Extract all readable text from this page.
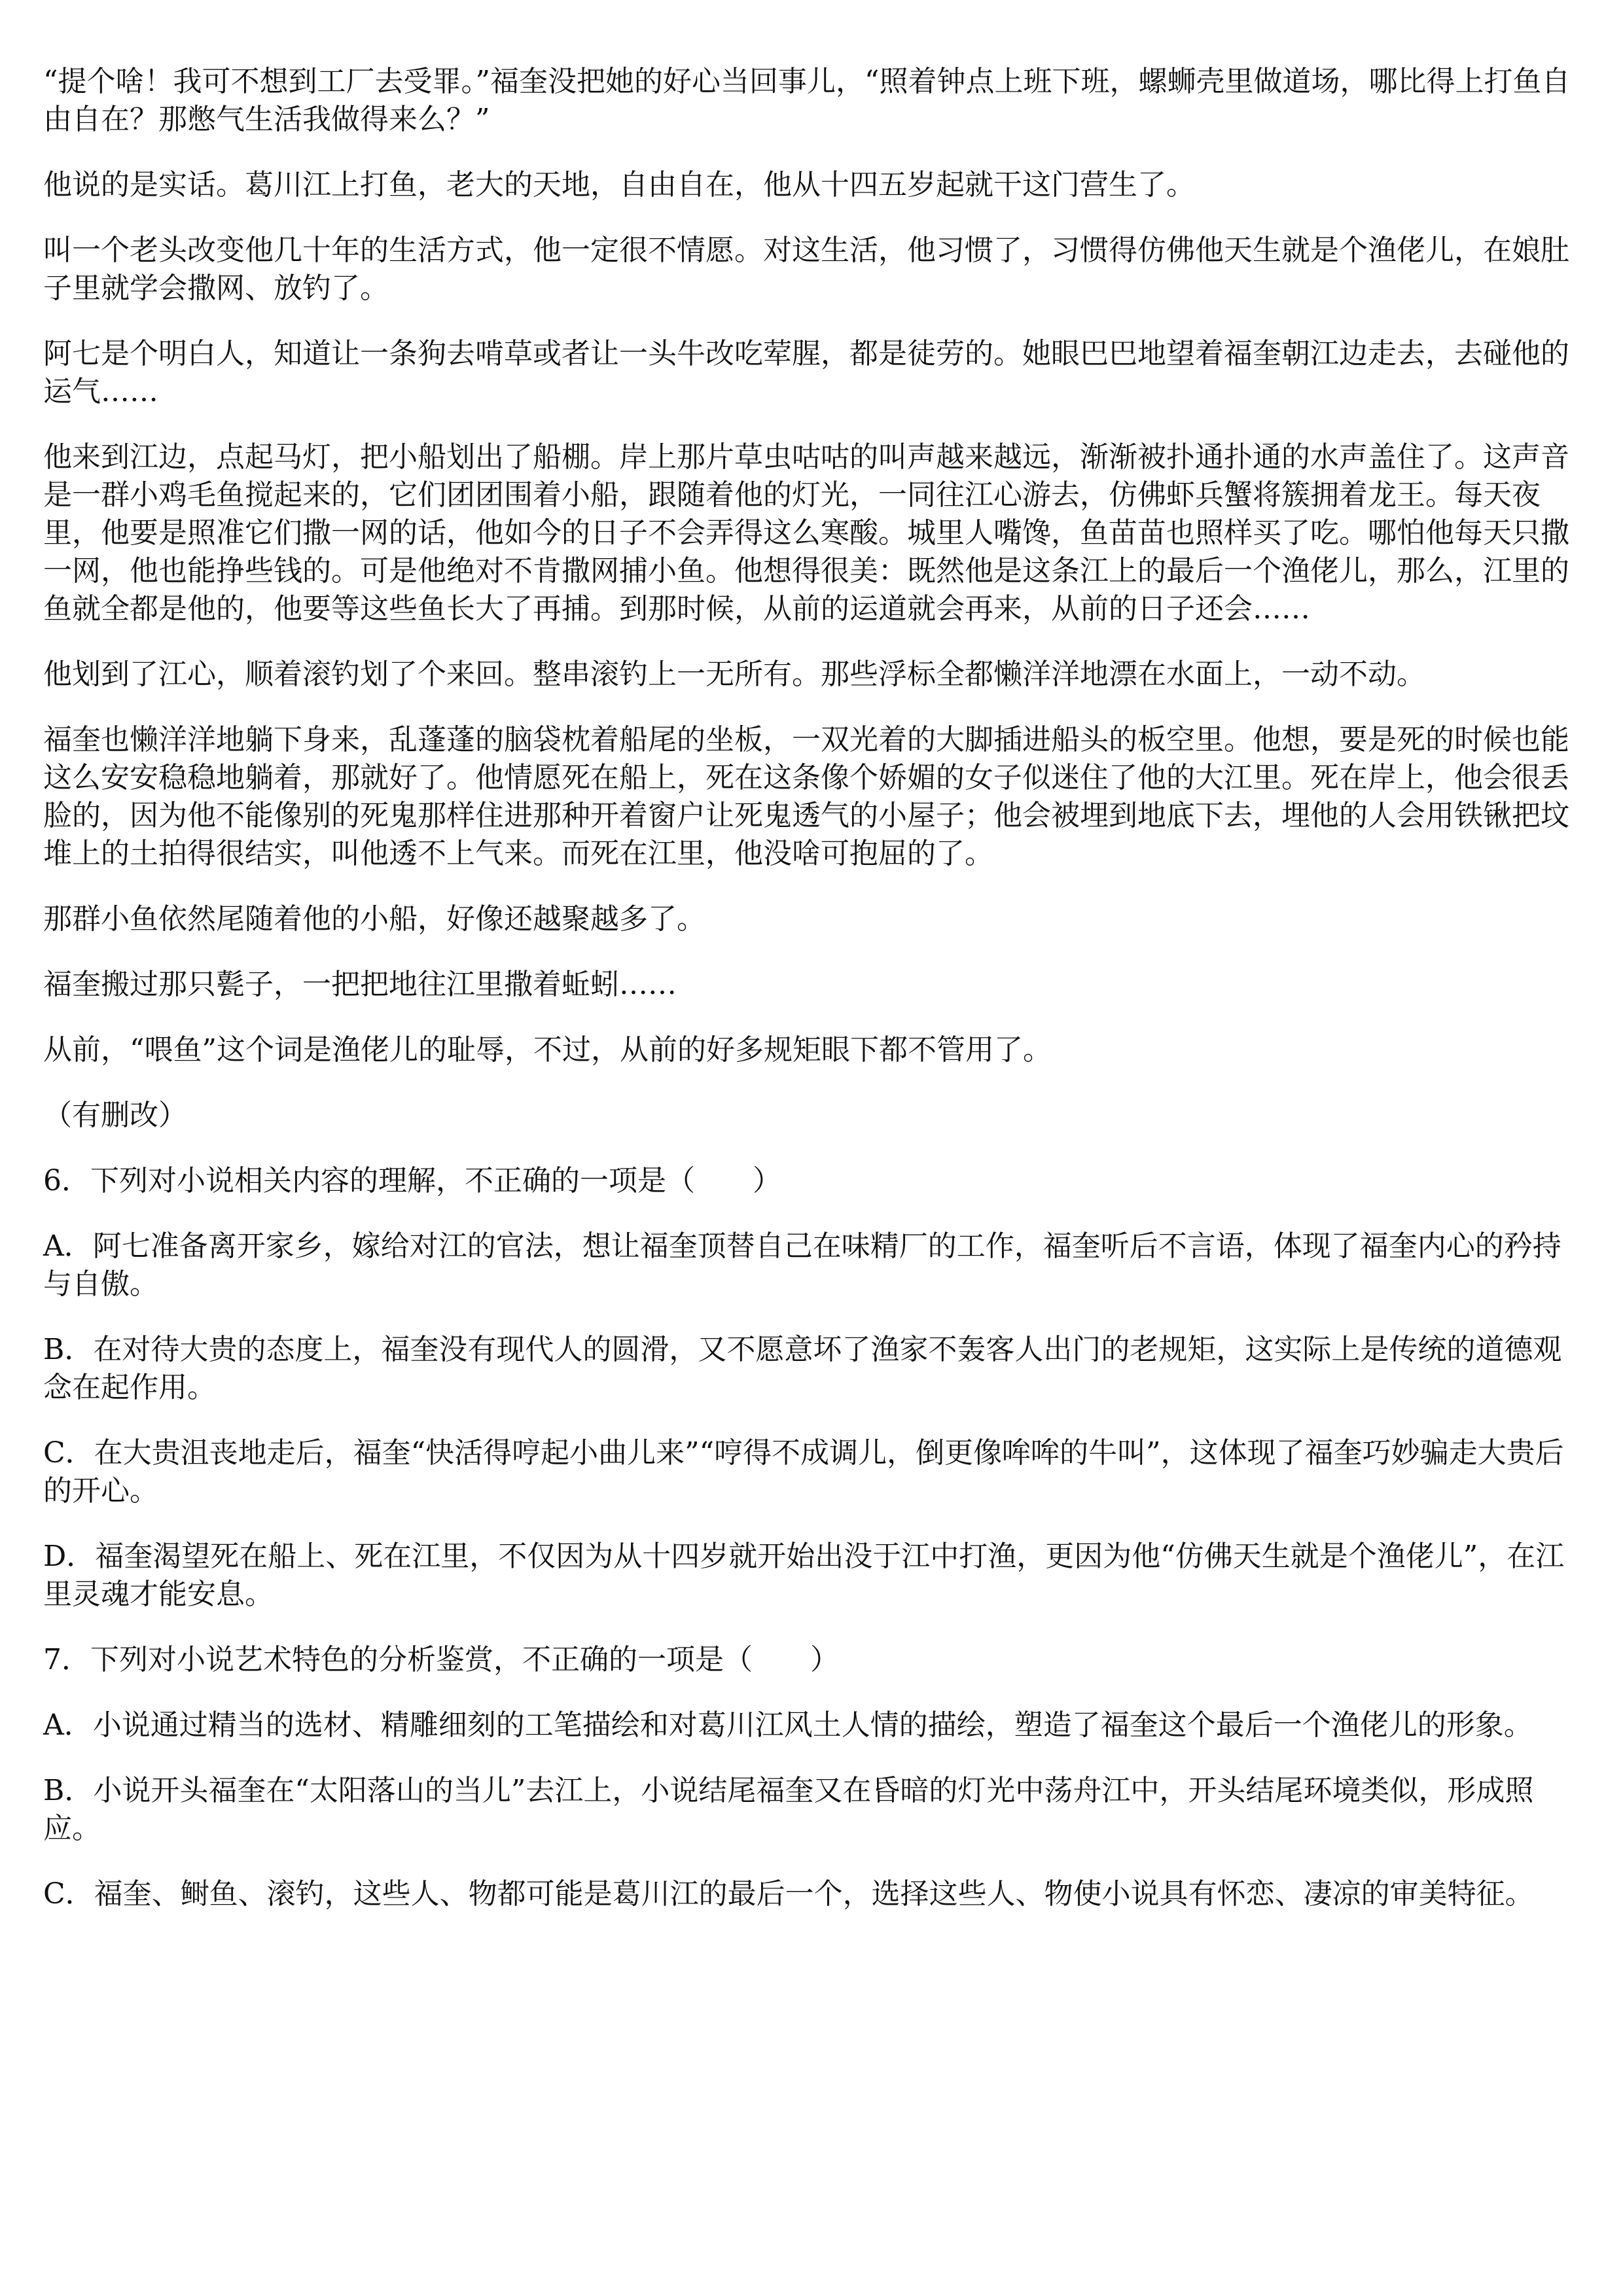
“提个啥！我可不想到工厂去受罪。”福奎没把她的好心当回事儿，“照着钟点上班下班，螺蛳壳里做道场，哪比得上打鱼自由自在？那憋气生活我做得来么？”

他说的是实话。葛川江上打鱼，老大的天地，自由自在，他从十四五岁起就干这门营生了。

叫一个老头改变他几十年的生活方式，他一定很不情愿。对这生活，他习惯了，习惯得仿佛他天生就是个渔佬儿，在娘肚子里就学会撒网、放钓了。

阿七是个明白人，知道让一条狗去啃草或者让一头牛改吃荤腥，都是徒劳的。她眼巴巴地望着福奎朝江边走去，去碰他的运气……

他来到江边，点起马灯，把小船划出了船棚。岸上那片草虫咕咕的叫声越来越远，渐渐被扑通扑通的水声盖住了。这声音是一群小鸡毛鱼搅起来的，它们团团围着小船，跟随着他的灯光，一同往江心游去，仿佛虾兵蟹将簇拥着龙王。每天夜里，他要是照准它们撒一网的话，他如今的日子不会弄得这么寒酸。城里人嘴馋，鱼苗苗也照样买了吃。哪怕他每天只撒一网，他也能挣些钱的。可是他绝对不肯撒网捕小鱼。他想得很美：既然他是这条江上的最后一个渔佬儿，那么，江里的鱼就全都是他的，他要等这些鱼长大了再捕。到那时候，从前的运道就会再来，从前的日子还会……

他划到了江心，顺着滚钓划了个来回。整串滚钓上一无所有。那些浮标全都懒洋洋地漂在水面上，一动不动。

福奎也懒洋洋地躺下身来，乱蓬蓬的脑袋枕着船尾的坐板，一双光着的大脚插进船头的板空里。他想，要是死的时候也能这么安安稳稳地躺着，那就好了。他情愿死在船上，死在这条像个娇媚的女子似迷住了他的大江里。死在岸上，他会很丢脸的，因为他不能像别的死鬼那样住进那种开着窗户让死鬼透气的小屋子；他会被埋到地底下去，埋他的人会用铁锹把坟堆上的土拍得很结实，叫他透不上气来。而死在江里，他没啥可抱屈的了。

那群小鱼依然尾随着他的小船，好像还越聚越多了。

福奎搬过那只甏子，一把把地往江里撒着蚯蚓……

从前，“喂鱼”这个词是渔佬儿的耻辱，不过，从前的好多规矩眼下都不管用了。

（有删改）

6．下列对小说相关内容的理解，不正确的一项是（　　）

A．阿七准备离开家乡，嫁给对江的官法，想让福奎顶替自己在味精厂的工作，福奎听后不言语，体现了福奎内心的矜持与自傲。

B．在对待大贵的态度上，福奎没有现代人的圆滑，又不愿意坏了渔家不轰客人出门的老规矩，这实际上是传统的道德观念在起作用。

C．在大贵沮丧地走后，福奎“快活得哼起小曲儿来”“哼得不成调儿，倒更像哞哞的牛叫”，这体现了福奎巧妙骗走大贵后的开心。

D．福奎渴望死在船上、死在江里，不仅因为从十四岁就开始出没于江中打渔，更因为他“仿佛天生就是个渔佬儿”，在江里灵魂才能安息。

7．下列对小说艺术特色的分析鉴赏，不正确的一项是（　　）

A．小说通过精当的选材、精雕细刻的工笔描绘和对葛川江风土人情的描绘，塑造了福奎这个最后一个渔佬儿的形象。

B．小说开头福奎在“太阳落山的当儿”去江上，小说结尾福奎又在昏暗的灯光中荡舟江中，开头结尾环境类似，形成照应。

C．福奎、鲥鱼、滚钓，这些人、物都可能是葛川江的最后一个，选择这些人、物使小说具有怀恋、凄凉的审美特征。
